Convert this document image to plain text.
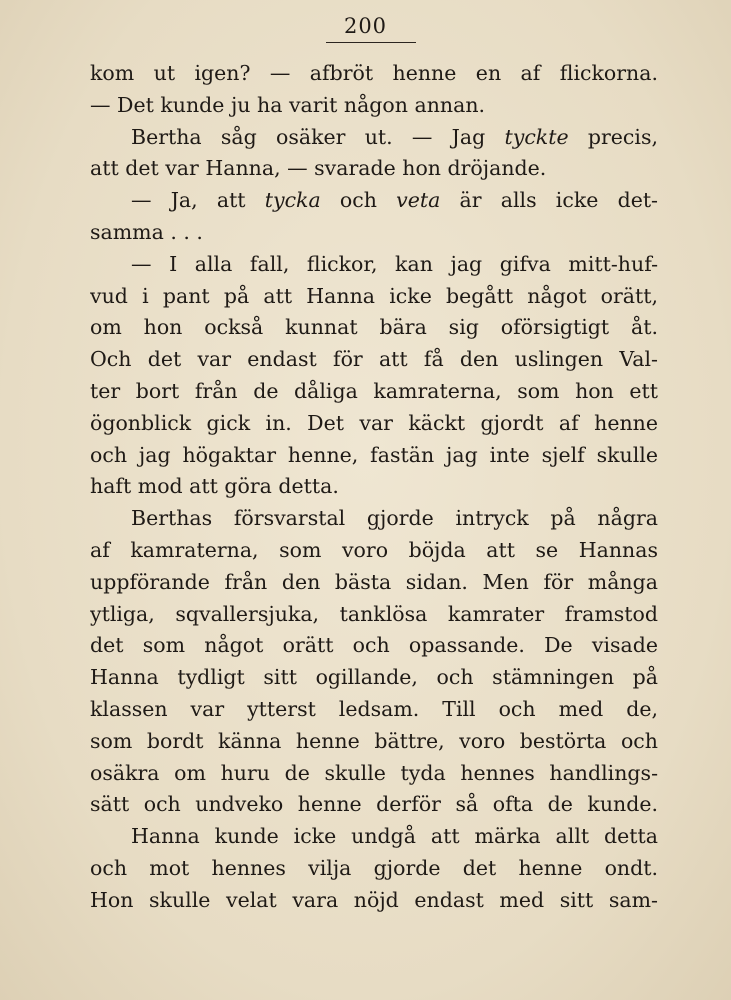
200
kom ut igen? — afbröt henne en af flickorna.
— Det kunde ju ha varit någon annan.
  Bertha såg osäker ut. — Jag tyckte precis,
att det var Hanna, — svarade hon dröjande.
  — Ja, att tycka och veta är alls icke det-
samma . . .
  — I alla fall, flickor, kan jag gifva mitt-huf-
vud i pant på att Hanna icke begått något orätt,
om hon också kunnat bära sig oförsigtigt åt.
Och det var endast för att få den uslingen Val-
ter bort från de dåliga kamraterna, som hon ett
ögonblick gick in. Det var käckt gjordt af henne
och jag högaktar henne, fastän jag inte sjelf skulle
haft mod att göra detta.
  Berthas försvarstal gjorde intryck på några
af kamraterna, som voro böjda att se Hannas
uppförande från den bästa sidan. Men för många
ytliga, sqvallersjuka, tanklösa kamrater framstod
det som något orätt och opassande. De visade
Hanna tydligt sitt ogillande, och stämningen på
klassen var ytterst ledsam. Till och med de,
som bordt känna henne bättre, voro bestörta och
osäkra om huru de skulle tyda hennes handlings-
sätt och undveko henne derför så ofta de kunde.
  Hanna kunde icke undgå att märka allt detta
och mot hennes vilja gjorde det henne ondt.
Hon skulle velat vara nöjd endast med sitt sam-
